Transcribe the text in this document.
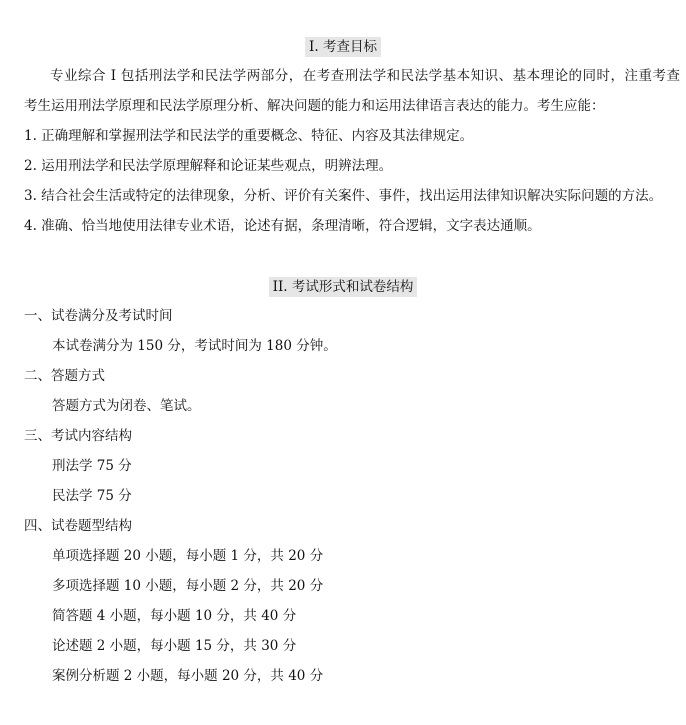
I. 考查目标
专业综合 I 包括刑法学和民法学两部分，在考查刑法学和民法学基本知识、基本理论的同时，注重考查
考生运用刑法学原理和民法学原理分析、解决问题的能力和运用法律语言表达的能力。考生应能：
1. 正确理解和掌握刑法学和民法学的重要概念、特征、内容及其法律规定。
2. 运用刑法学和民法学原理解释和论证某些观点，明辨法理。
3. 结合社会生活或特定的法律现象，分析、评价有关案件、事件，找出运用法律知识解决实际问题的方法。
4. 准确、恰当地使用法律专业术语，论述有据，条理清晰，符合逻辑，文字表达通顺。
II. 考试形式和试卷结构
一、试卷满分及考试时间
本试卷满分为 150 分，考试时间为 180 分钟。
二、答题方式
答题方式为闭卷、笔试。
三、考试内容结构
刑法学 75 分
民法学 75 分
四、试卷题型结构
单项选择题 20 小题，每小题 1 分，共 20 分
多项选择题 10 小题，每小题 2 分，共 20 分
简答题 4 小题，每小题 10 分，共 40 分
论述题 2 小题，每小题 15 分，共 30 分
案例分析题 2 小题，每小题 20 分，共 40 分
